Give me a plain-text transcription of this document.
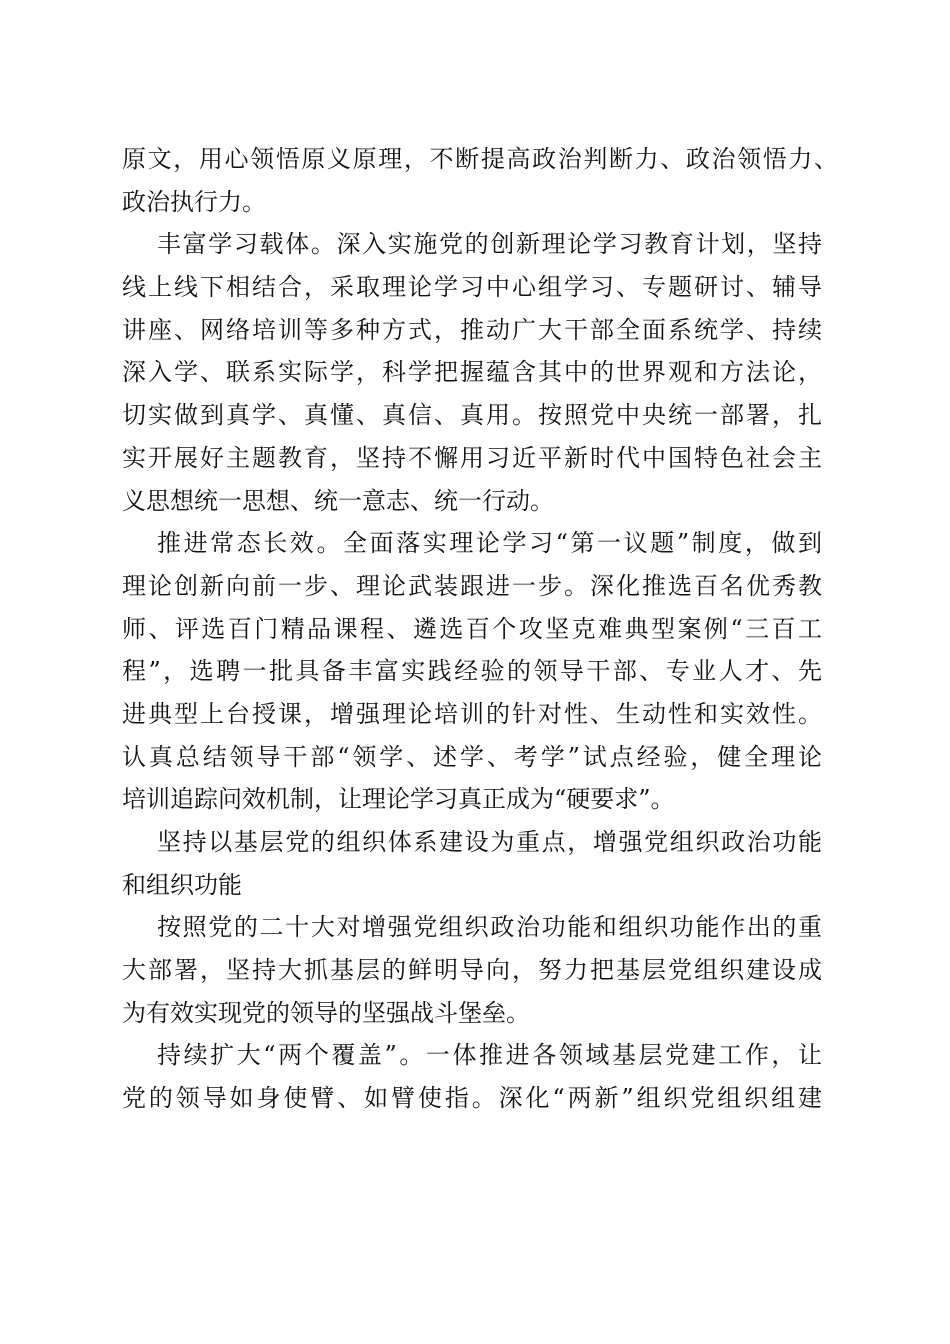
原文，用心领悟原义原理，不断提高政治判断力、政治领悟力、
政治执行力。
丰富学习载体。深入实施党的创新理论学习教育计划，坚持
线上线下相结合，采取理论学习中心组学习、专题研讨、辅导
讲座、网络培训等多种方式，推动广大干部全面系统学、持续
深入学、联系实际学，科学把握蕴含其中的世界观和方法论，
切实做到真学、真懂、真信、真用。按照党中央统一部署，扎
实开展好主题教育，坚持不懈用习近平新时代中国特色社会主
义思想统一思想、统一意志、统一行动。
推进常态长效。全面落实理论学习“第一议题”制度，做到
理论创新向前一步、理论武装跟进一步。深化推选百名优秀教
师、评选百门精品课程、遴选百个攻坚克难典型案例“三百工
程”，选聘一批具备丰富实践经验的领导干部、专业人才、先
进典型上台授课，增强理论培训的针对性、生动性和实效性。
认真总结领导干部“领学、述学、考学”试点经验，健全理论
培训追踪问效机制，让理论学习真正成为“硬要求”。
坚持以基层党的组织体系建设为重点，增强党组织政治功能
和组织功能
按照党的二十大对增强党组织政治功能和组织功能作出的重
大部署，坚持大抓基层的鲜明导向，努力把基层党组织建设成
为有效实现党的领导的坚强战斗堡垒。
持续扩大“两个覆盖”。一体推进各领域基层党建工作，让
党的领导如身使臂、如臂使指。深化“两新”组织党组织组建
